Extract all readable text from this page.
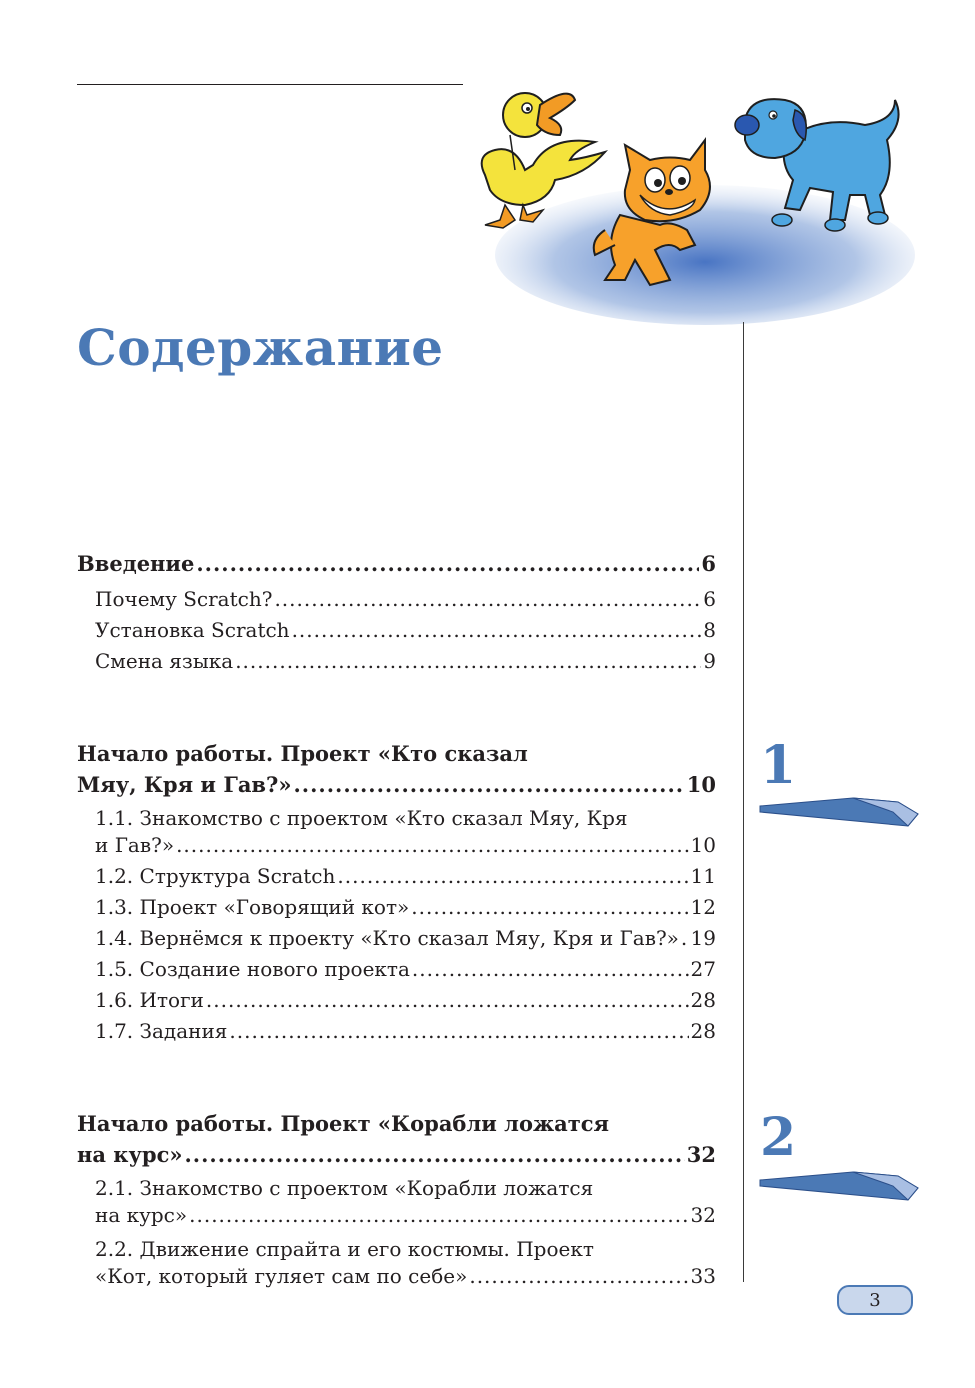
Содержание
Введение .....	6
Почему Scratch? .....	6
Установка Scratch .....	8
Смена языка .....	9
1
Начало работы. Проект «Кто сказал
Мяу, Кря и Гав?» .....	10
1.1. Знакомство с проектом «Кто сказал Мяу, Кря
и Гав?» .....	10
1.2. Структура Scratch .....	11
1.3. Проект «Говорящий кот» .....	12
1.4. Вернёмся к проекту «Кто сказал Мяу, Кря и Гав?» ..... 19
1.5. Создание нового проекта .....	27
1.6. Итоги .....	28
1.7. Задания .....	28
2
Начало работы. Проект «Корабли ложатся
на курс» .....	32
2.1. Знакомство с проектом «Корабли ложатся
на курс» .....	32
2.2. Движение спрайта и его костюмы. Проект
«Кот, который гуляет сам по себе» .....	33
3
